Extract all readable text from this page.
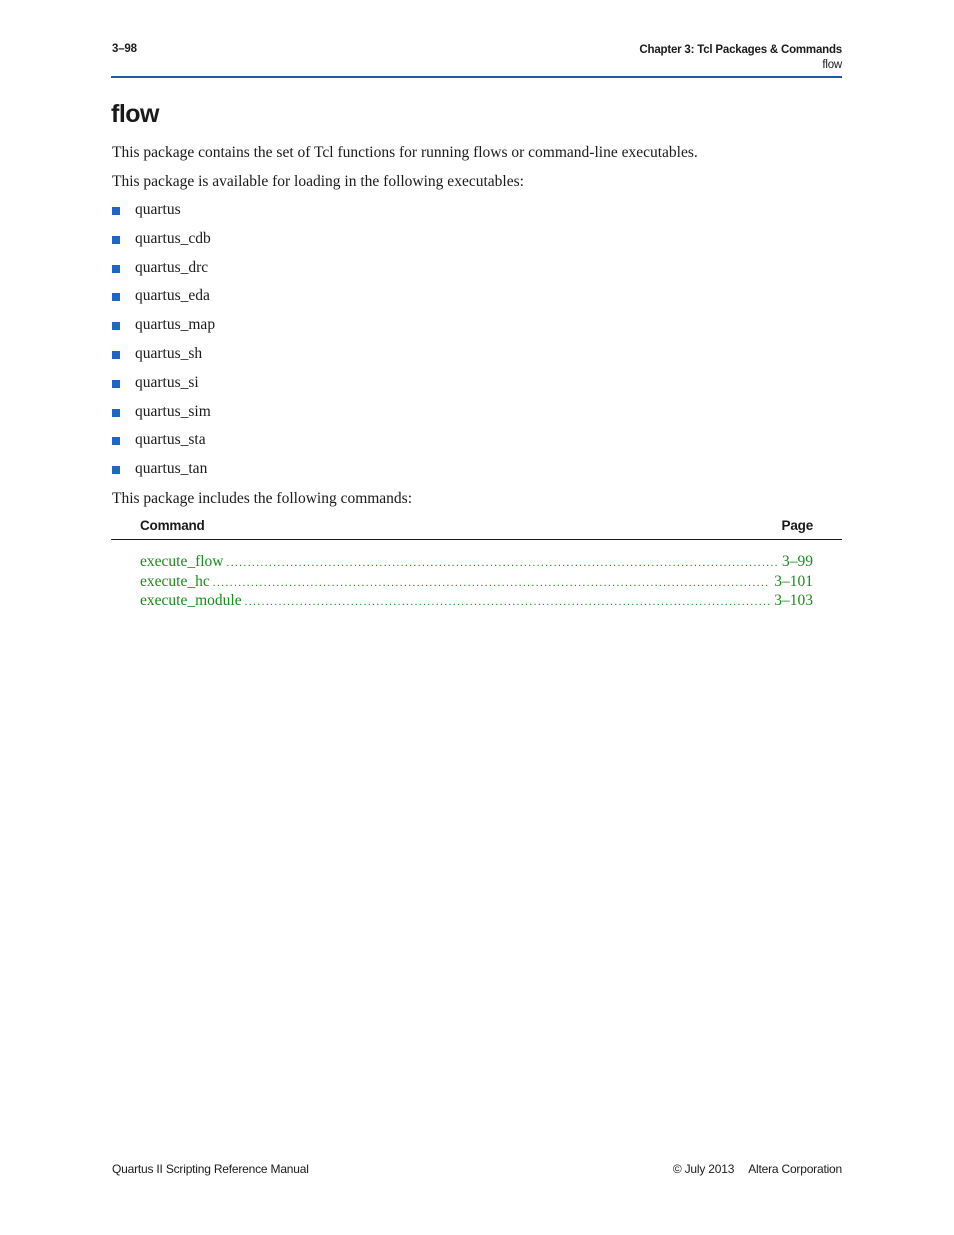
3–98	Chapter 3: Tcl Packages & Commands
flow
flow

This package contains the set of Tcl functions for running flows or command-line executables.

This package is available for loading in the following executables:

quartus
quartus_cdb
quartus_drc
quartus_eda
quartus_map
quartus_sh
quartus_si
quartus_sim
quartus_sta
quartus_tan

This package includes the following commands:

Command	Page
execute_flow .....	3–99
execute_hc .....	3–101
execute_module .....	3–103
Quartus II Scripting Reference Manual	© July 2013 Altera Corporation
